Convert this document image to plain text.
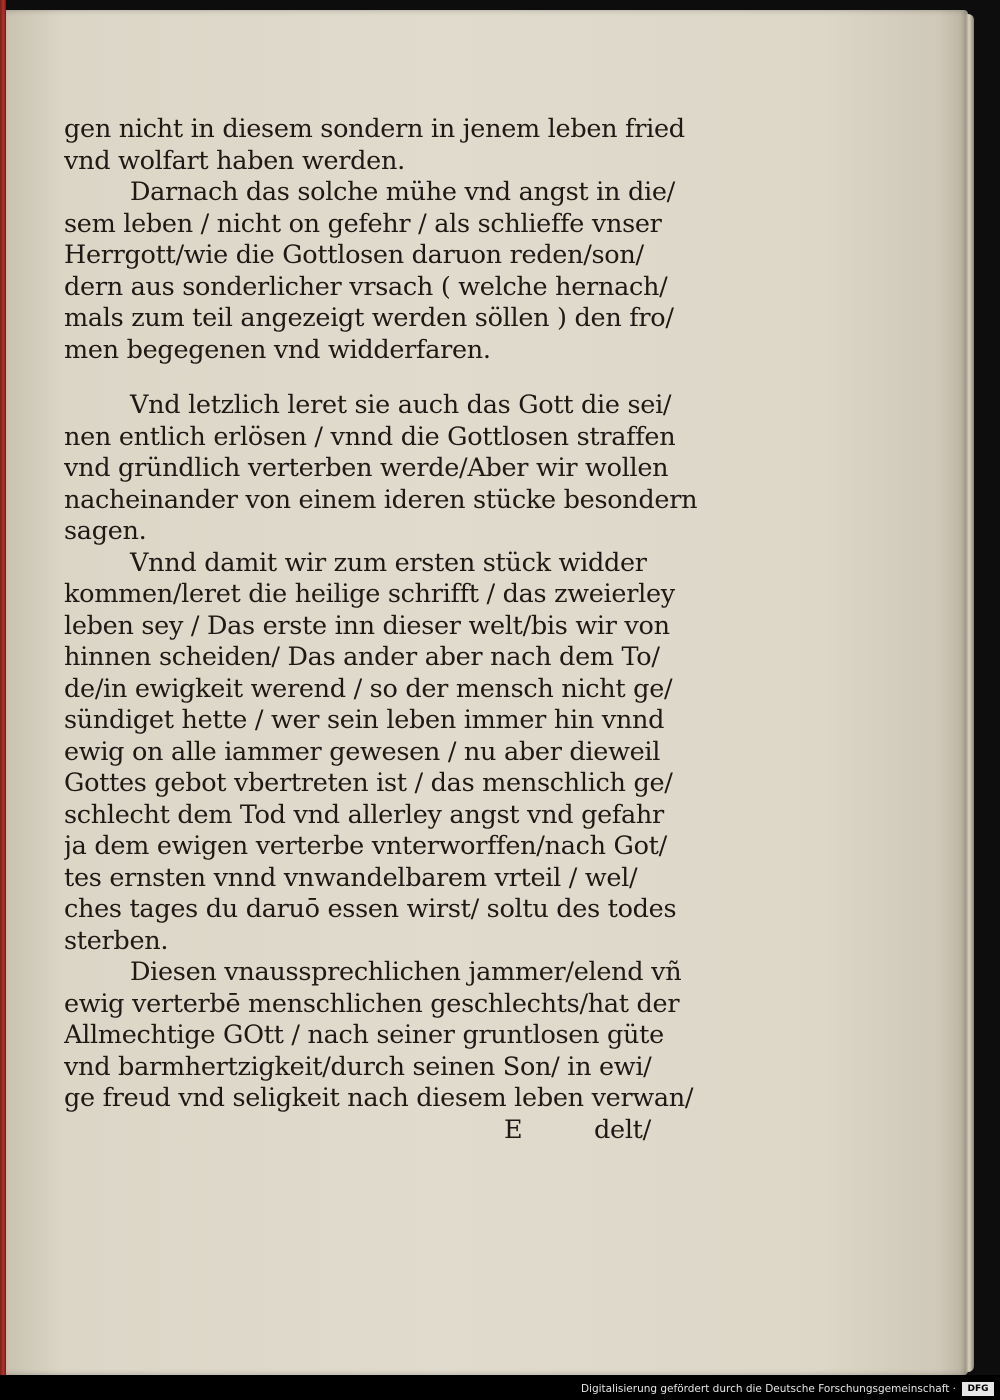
gen nicht in diesem sondern in jenem leben fried
vnd wolfart haben werden.
Darnach das solche mühe vnd angst in die/
sem leben / nicht on gefehr / als schlieffe vnser
Herrgott/wie die Gottlosen daruon reden/son/
dern aus sonderlicher vrsach ( welche hernach/
mals zum teil angezeigt werden söllen ) den fro/
men begegenen vnd widderfaren.
Vnd letzlich leret sie auch das Gott die sei/
nen entlich erlösen / vnnd die Gottlosen straffen
vnd gründlich verterben werde/Aber wir wollen
nacheinander von einem ideren stücke besondern
sagen.
Vnnd damit wir zum ersten stück widder
kommen/leret die heilige schrifft / das zweierley
leben sey / Das erste inn dieser welt/bis wir von
hinnen scheiden/ Das ander aber nach dem To/
de/in ewigkeit werend / so der mensch nicht ge/
sündiget hette / wer sein leben immer hin vnnd
ewig on alle iammer gewesen / nu aber dieweil
Gottes gebot vbertreten ist / das menschlich ge/
schlecht dem Tod vnd allerley angst vnd gefahr
ja dem ewigen verterbe vnterworffen/nach Got/
tes ernsten vnnd vnwandelbarem vrteil / wel/
ches tages du daruō essen wirst/ soltu des todes
sterben.
Diesen vnaussprechlichen jammer/elend vñ
ewig verterbē menschlichen geschlechts/hat der
Allmechtige GOtt / nach seiner gruntlosen güte
vnd barmhertzigkeit/durch seinen Son/ in ewi/
ge freud vnd seligkeit nach diesem leben verwan/
E	delt/
Digitalisierung gefördert durch die Deutsche Forschungsgemeinschaft ·	DFG
